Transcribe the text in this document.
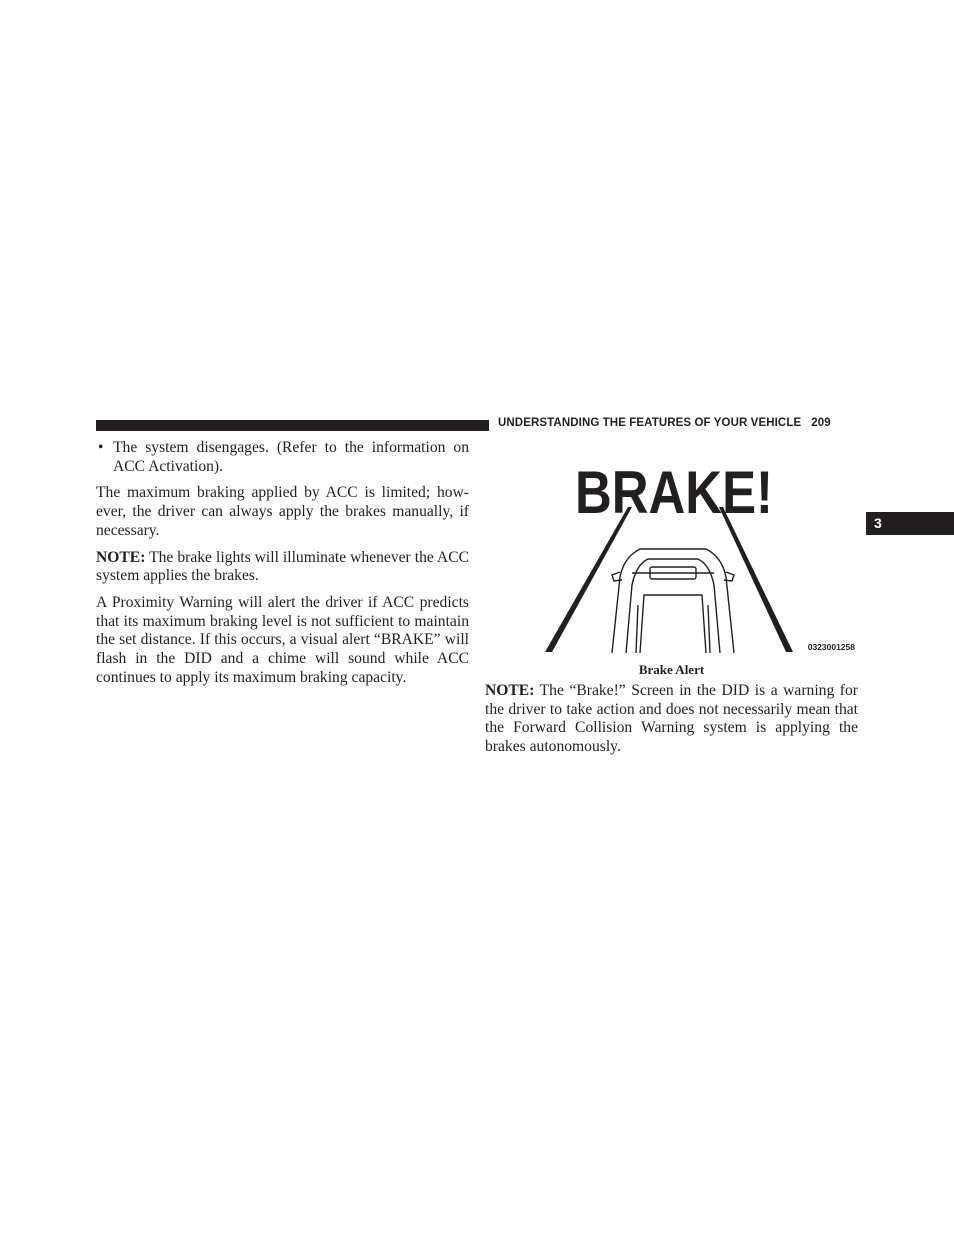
UNDERSTANDING THE FEATURES OF YOUR VEHICLE 209
3

• The system disengages. (Refer to the information on ACC Activation).

The maximum braking applied by ACC is limited; how-ever, the driver can always apply the brakes manually, if necessary.

NOTE: The brake lights will illuminate whenever the ACC system applies the brakes.

A Proximity Warning will alert the driver if ACC predicts that its maximum braking level is not sufficient to maintain the set distance. If this occurs, a visual alert “BRAKE” will flash in the DID and a chime will sound while ACC continues to apply its maximum braking capacity.

BRAKE!
0323001258
Brake Alert

NOTE: The “Brake!” Screen in the DID is a warning for the driver to take action and does not necessarily mean that the Forward Collision Warning system is applying the brakes autonomously.
